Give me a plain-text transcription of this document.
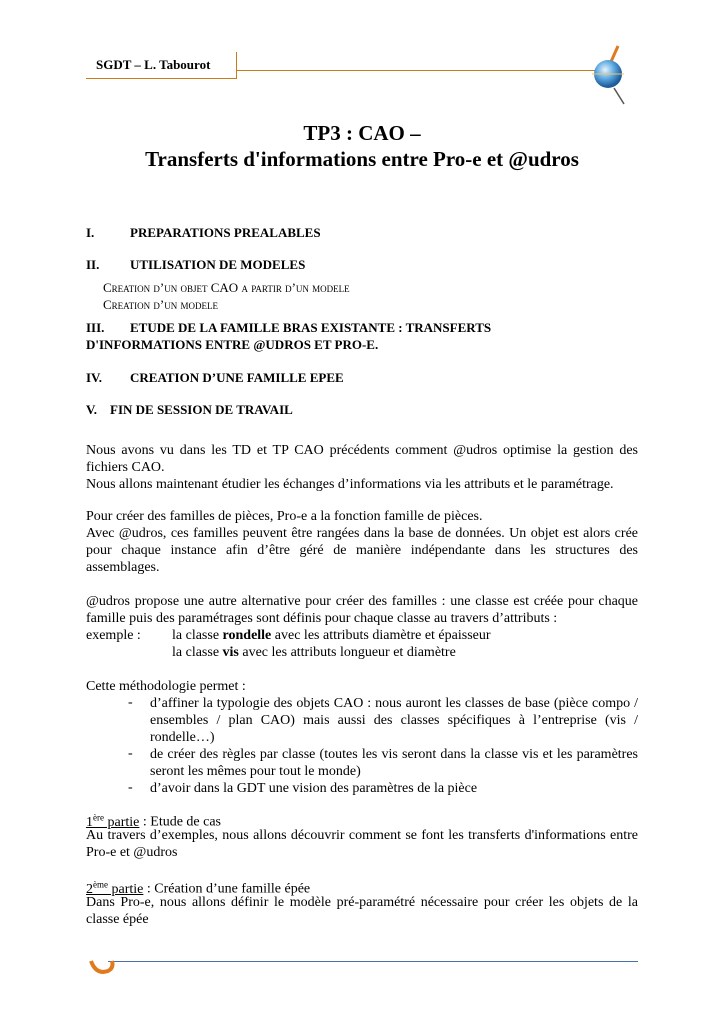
SGDT – L. Tabourot
TP3 : CAO –
Transferts d'informations entre Pro-e et @udros
I.	PREPARATIONS PREALABLES
II. UTILISATION DE MODELES
Creation d’un objet CAO a partir d’un modele
Creation d’un modele
III. ETUDE DE LA FAMILLE BRAS EXISTANTE : TRANSFERTS
D'INFORMATIONS ENTRE @UDROS ET PRO-E.
IV. CREATION D’UNE FAMILLE EPEE
V. FIN DE SESSION DE TRAVAIL
Nous avons vu dans les TD et TP CAO précédents comment @udros optimise la gestion des fichiers CAO.
Nous allons maintenant étudier les échanges d’informations via les attributs et le paramétrage.
Pour créer des familles de pièces, Pro-e a la fonction famille de pièces.
Avec @udros, ces familles peuvent être rangées dans la base de données. Un objet est alors crée pour chaque instance afin d’être géré de manière indépendante dans les structures des assemblages.
@udros propose une autre alternative pour créer des familles : une classe est créée pour chaque famille puis des paramétrages sont définis pour chaque classe au travers d’attributs :
exemple : la classe rondelle avec les attributs diamètre et épaisseur
la classe vis avec les attributs longueur et diamètre
Cette méthodologie permet :
- d’affiner la typologie des objets CAO : nous auront les classes de base (pièce compo / ensembles / plan CAO) mais aussi des classes spécifiques à l’entreprise (vis / rondelle…)
- de créer des règles par classe (toutes les vis seront dans la classe vis et les paramètres seront les mêmes pour tout le monde)
- d’avoir dans la GDT une vision des paramètres de la pièce
1ère partie : Etude de cas
Au travers d’exemples, nous allons découvrir comment se font les transferts d'informations entre Pro-e et @udros
2ème partie : Création d’une famille épée
Dans Pro-e, nous allons définir le modèle pré-paramétré nécessaire pour créer les objets de la classe épée
